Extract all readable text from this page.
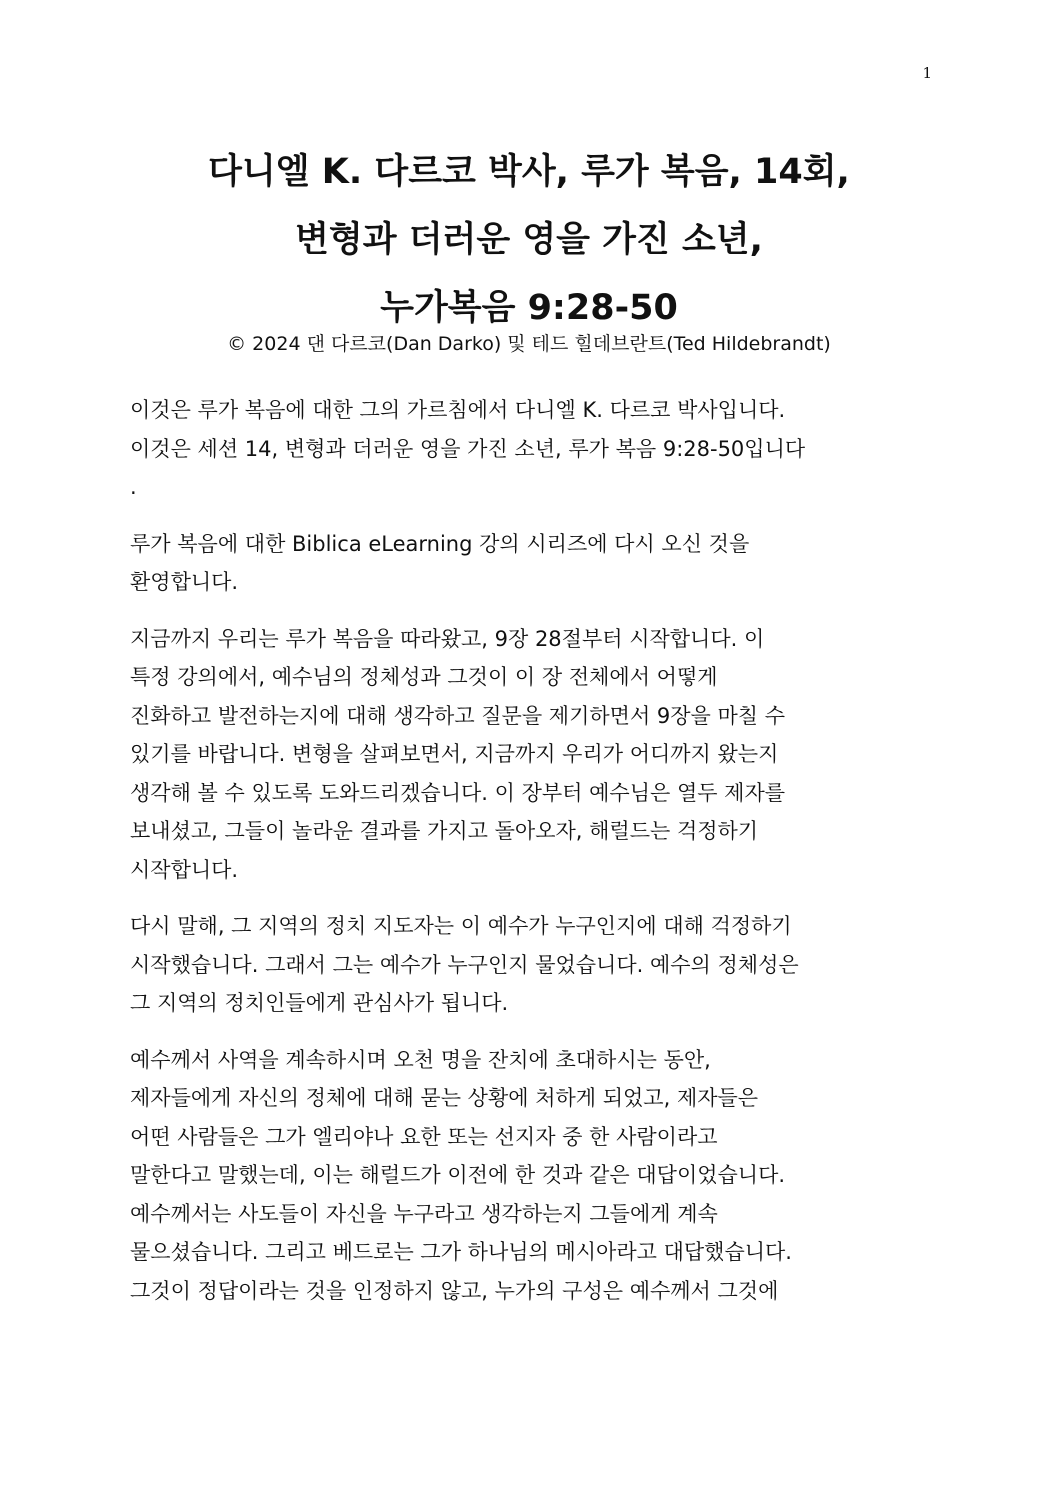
1
다니엘 K. 다르코 박사, 루가 복음, 14회,
변형과 더러운 영을 가진 소년,
누가복음 9:28-50
© 2024 댄 다르코(Dan Darko) 및 테드 힐데브란트(Ted Hildebrandt)

이것은 루가 복음에 대한 그의 가르침에서 다니엘 K. 다르코 박사입니다.
이것은 세션 14, 변형과 더러운 영을 가진 소년, 루가 복음 9:28-50입니다
.

루가 복음에 대한 Biblica eLearning 강의 시리즈에 다시 오신 것을
환영합니다.

지금까지 우리는 루가 복음을 따라왔고, 9장 28절부터 시작합니다. 이
특정 강의에서, 예수님의 정체성과 그것이 이 장 전체에서 어떻게
진화하고 발전하는지에 대해 생각하고 질문을 제기하면서 9장을 마칠 수
있기를 바랍니다. 변형을 살펴보면서, 지금까지 우리가 어디까지 왔는지
생각해 볼 수 있도록 도와드리겠습니다. 이 장부터 예수님은 열두 제자를
보내셨고, 그들이 놀라운 결과를 가지고 돌아오자, 해럴드는 걱정하기
시작합니다.

다시 말해, 그 지역의 정치 지도자는 이 예수가 누구인지에 대해 걱정하기
시작했습니다. 그래서 그는 예수가 누구인지 물었습니다. 예수의 정체성은
그 지역의 정치인들에게 관심사가 됩니다.

예수께서 사역을 계속하시며 오천 명을 잔치에 초대하시는 동안,
제자들에게 자신의 정체에 대해 묻는 상황에 처하게 되었고, 제자들은
어떤 사람들은 그가 엘리야나 요한 또는 선지자 중 한 사람이라고
말한다고 말했는데, 이는 해럴드가 이전에 한 것과 같은 대답이었습니다.
예수께서는 사도들이 자신을 누구라고 생각하는지 그들에게 계속
물으셨습니다. 그리고 베드로는 그가 하나님의 메시아라고 대답했습니다.
그것이 정답이라는 것을 인정하지 않고, 누가의 구성은 예수께서 그것에
